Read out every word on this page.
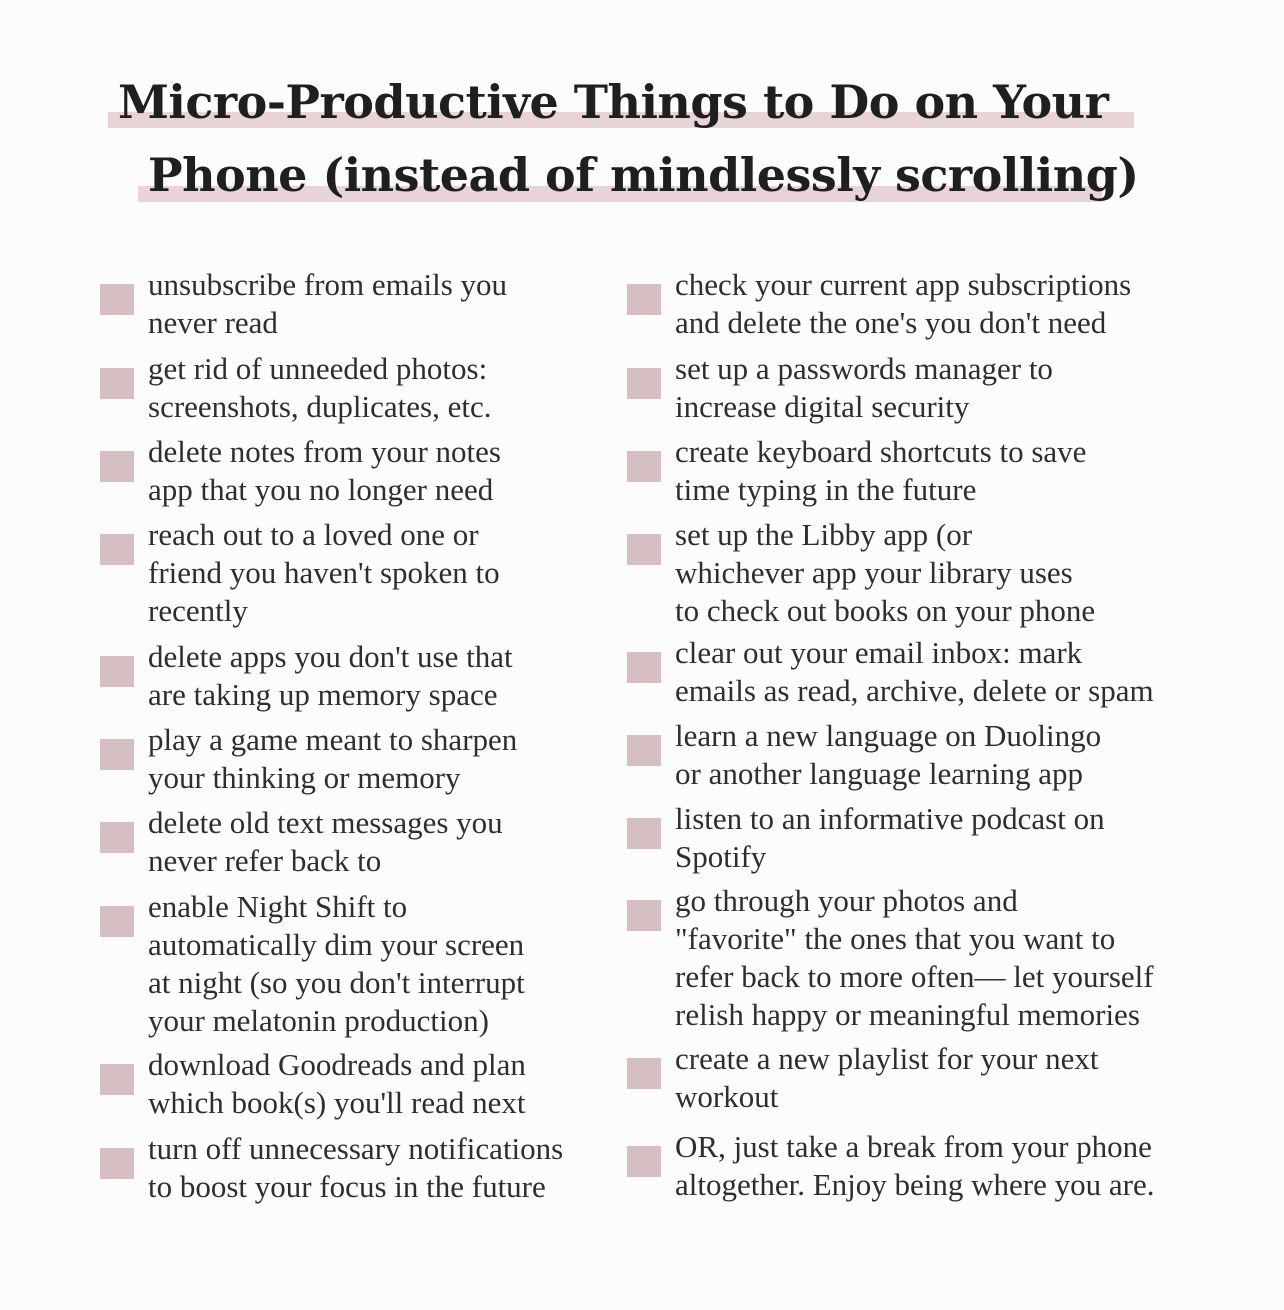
Micro-Productive Things to Do on Your
Phone (instead of mindlessly scrolling)
unsubscribe from emails you
never read
get rid of unneeded photos:
screenshots, duplicates, etc.
delete notes from your notes
app that you no longer need
reach out to a loved one or
friend you haven't spoken to
recently
delete apps you don't use that
are taking up memory space
play a game meant to sharpen
your thinking or memory
delete old text messages you
never refer back to
enable Night Shift to
automatically dim your screen
at night (so you don't interrupt
your melatonin production)
download Goodreads and plan
which book(s) you'll read next
turn off unnecessary notifications
to boost your focus in the future
check your current app subscriptions
and delete the one's you don't need
set up a passwords manager to
increase digital security
create keyboard shortcuts to save
time typing in the future
set up the Libby app (or
whichever app your library uses
to check out books on your phone
clear out your email inbox: mark
emails as read, archive, delete or spam
learn a new language on Duolingo
or another language learning app
listen to an informative podcast on
Spotify
go through your photos and
"favorite" the ones that you want to
refer back to more often— let yourself
relish happy or meaningful memories
create a new playlist for your next
workout
OR, just take a break from your phone
altogether. Enjoy being where you are.
